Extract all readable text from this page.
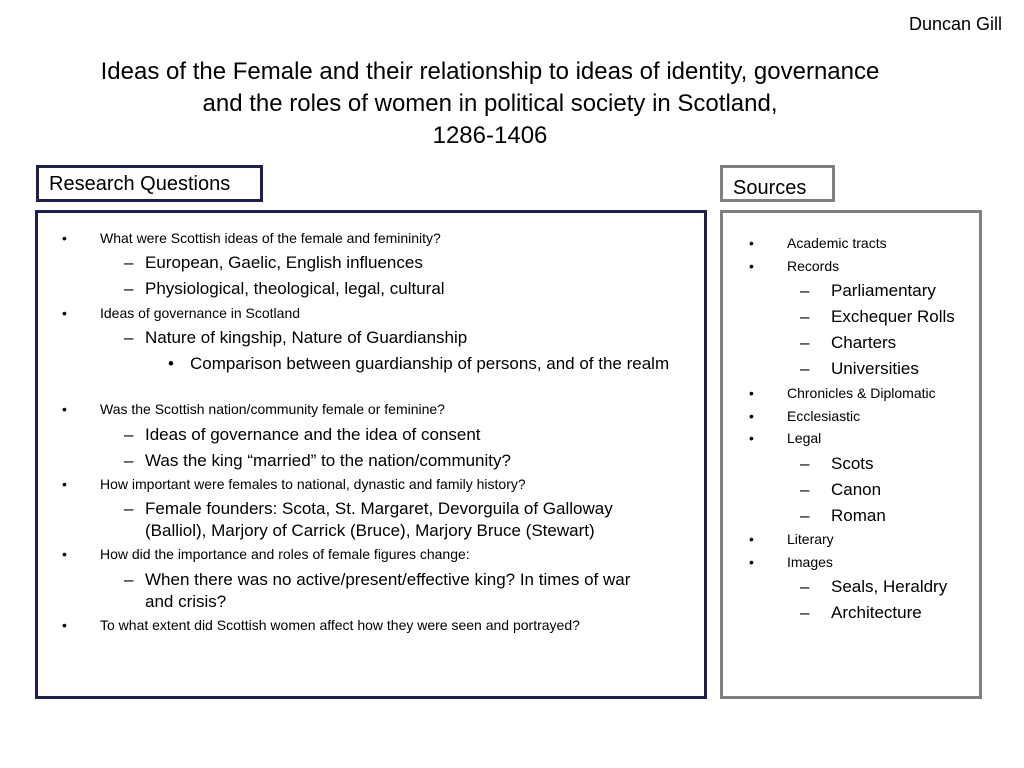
Duncan Gill
Ideas of the Female and their relationship to ideas of identity, governance
and the roles of women in political society in Scotland,
1286-1406
Research Questions	Sources
• What were Scottish ideas of the female and femininity?
– European, Gaelic, English influences
– Physiological, theological, legal, cultural
• Ideas of governance in Scotland
– Nature of kingship, Nature of Guardianship
• Comparison between guardianship of persons, and of the realm
• Was the Scottish nation/community female or feminine?
– Ideas of governance and the idea of consent
– Was the king “married” to the nation/community?
• How important were females to national, dynastic and family history?
– Female founders: Scota, St. Margaret, Devorguila of Galloway
(Balliol), Marjory of Carrick (Bruce), Marjory Bruce (Stewart)
• How did the importance and roles of female figures change:
– When there was no active/present/effective king? In times of war
and crisis?
• To what extent did Scottish women affect how they were seen and portrayed?
• Academic tracts
• Records
– Parliamentary
– Exchequer Rolls
– Charters
– Universities
• Chronicles & Diplomatic
• Ecclesiastic
• Legal
– Scots
– Canon
– Roman
• Literary
• Images
– Seals, Heraldry
– Architecture
